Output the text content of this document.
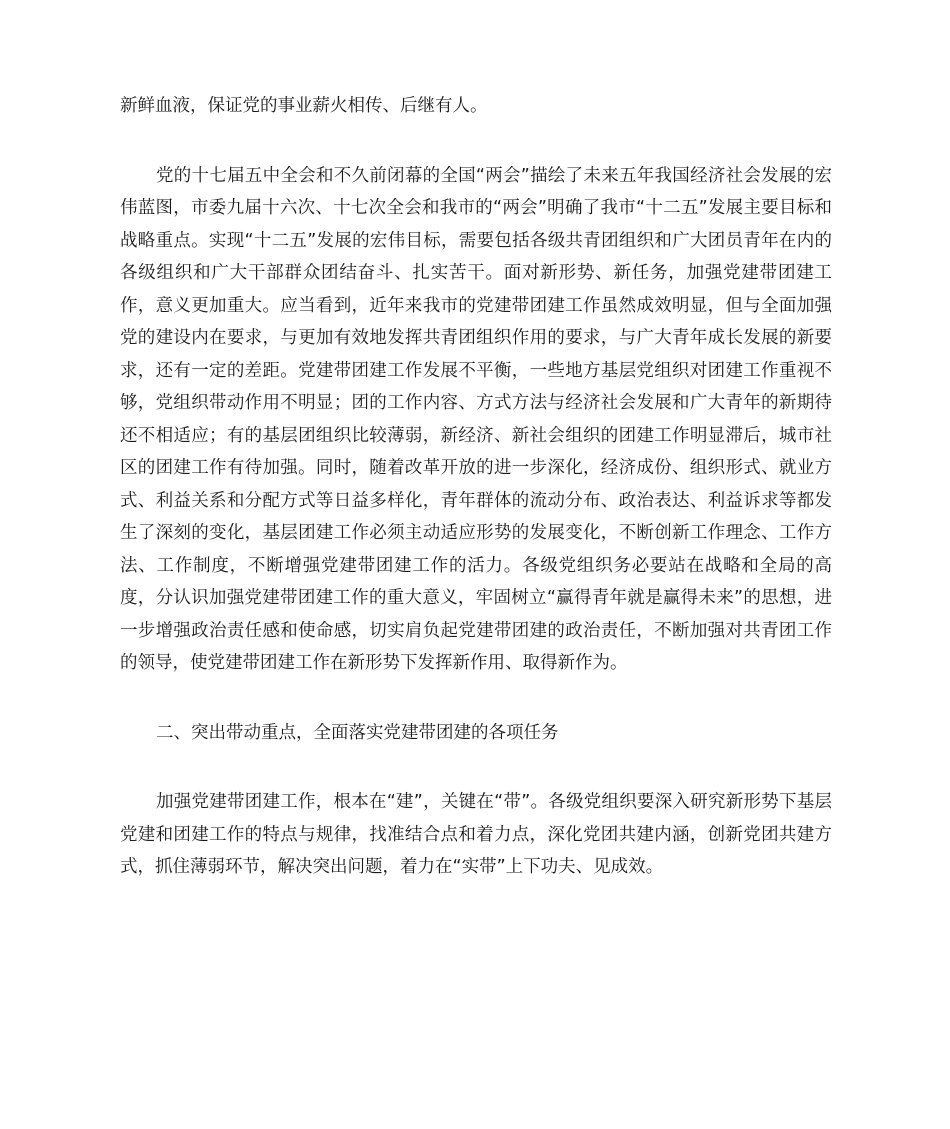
新鲜血液，保证党的事业薪火相传、后继有人。

党的十七届五中全会和不久前闭幕的全国“两会”描绘了未来五年我国经济社会发展的宏伟蓝图，市委九届十六次、十七次全会和我市的“两会”明确了我市“十二五”发展主要目标和战略重点。实现“十二五”发展的宏伟目标，需要包括各级共青团组织和广大团员青年在内的各级组织和广大干部群众团结奋斗、扎实苦干。面对新形势、新任务，加强党建带团建工作，意义更加重大。应当看到，近年来我市的党建带团建工作虽然成效明显，但与全面加强党的建设内在要求，与更加有效地发挥共青团组织作用的要求，与广大青年成长发展的新要求，还有一定的差距。党建带团建工作发展不平衡，一些地方基层党组织对团建工作重视不够，党组织带动作用不明显；团的工作内容、方式方法与经济社会发展和广大青年的新期待还不相适应；有的基层团组织比较薄弱，新经济、新社会组织的团建工作明显滞后，城市社区的团建工作有待加强。同时，随着改革开放的进一步深化，经济成份、组织形式、就业方式、利益关系和分配方式等日益多样化，青年群体的流动分布、政治表达、利益诉求等都发生了深刻的变化，基层团建工作必须主动适应形势的发展变化，不断创新工作理念、工作方法、工作制度，不断增强党建带团建工作的活力。各级党组织务必要站在战略和全局的高度，分认识加强党建带团建工作的重大意义，牢固树立“赢得青年就是赢得未来”的思想，进一步增强政治责任感和使命感，切实肩负起党建带团建的政治责任，不断加强对共青团工作的领导，使党建带团建工作在新形势下发挥新作用、取得新作为。

二、突出带动重点，全面落实党建带团建的各项任务

加强党建带团建工作，根本在“建”，关键在“带”。各级党组织要深入研究新形势下基层党建和团建工作的特点与规律，找准结合点和着力点，深化党团共建内涵，创新党团共建方式，抓住薄弱环节，解决突出问题，着力在“实带”上下功夫、见成效。
